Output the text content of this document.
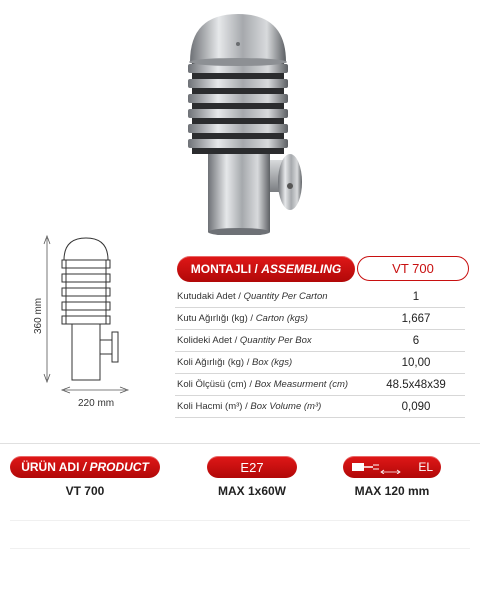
220 mm
360 mm
MONTAJLI / ASSEMBLING	VT 700
Kutudaki Adet / Quantity Per Carton	1
Kutu Ağırlığı (kg) / Carton (kgs)	1,667
Kolideki Adet / Quantity Per Box	6
Koli Ağırlığı (kg) / Box (kgs)	10,00
Koli Ölçüsü (cm) / Box Measurment (cm)	48.5x48x39
Koli Hacmi (m³) / Box Volume (m³)	0,090
ÜRÜN ADI / PRODUCT	E27	EL
VT 700	MAX 1x60W	MAX 120 mm
